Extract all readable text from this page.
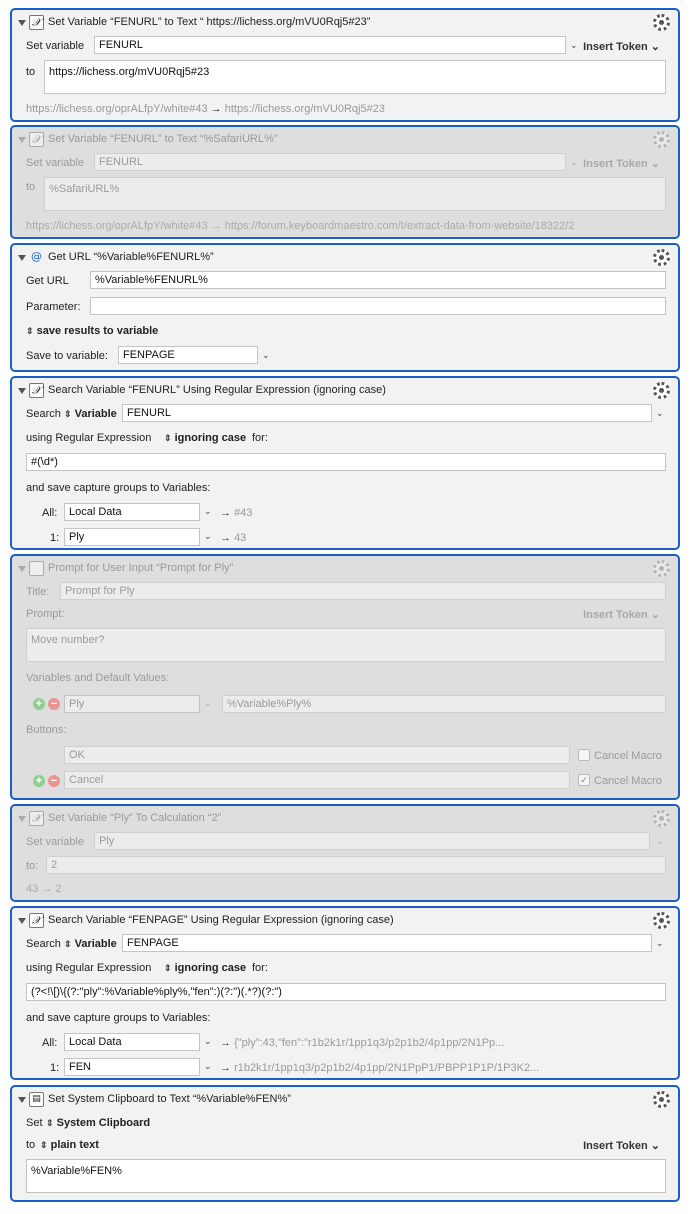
𝒳 Set Variable “FENURL” to Text “ https://lichess.org/mVU0Rqj5#23”
Set variable	FENURL	⌄ Insert Token ⌄
to	https://lichess.org/mVU0Rqj5#23
https://lichess.org/oprALfpY/white#43 → https://lichess.org/mVU0Rqj5#23
𝒳 Set Variable “FENURL” to Text “%SafariURL%”
Set variable	FENURL	⌄ Insert Token ⌄
to	%SafariURL%
https://lichess.org/oprALfpY/white#43 → https://forum.keyboardmaestro.com/t/extract-data-from-website/18322/2
@ Get URL “%Variable%FENURL%”
Get URL	%Variable%FENURL%
Parameter:
⇕ save results to variable
Save to variable:	FENPAGE	⌄
𝒳 Search Variable “FENURL” Using Regular Expression (ignoring case)
Search ⇕ Variable FENURL	⌄
using Regular Expression ⇕ ignoring case for:
#(\d*)
and save capture groups to Variables:
All:	Local Data	⌄ → #43
1: Ply	⌄ → 43
Prompt for User Input “Prompt for Ply”
Title:	Prompt for Ply
Prompt:	Insert Token ⌄
Move number?
Variables and Default Values:
+ −	Ply	⌄	%Variable%Ply%
Buttons:
OK	Cancel Macro
+ −	Cancel	✓ Cancel Macro
𝒳 Set Variable “Ply” To Calculation “2”
Set variable	Ply	⌄
to:	2
43 → 2
𝒳 Search Variable “FENPAGE” Using Regular Expression (ignoring case)
Search ⇕ Variable FENPAGE	⌄
using Regular Expression ⇕ ignoring case for:
(?<!\[)\{(?:"ply":%Variable%ply%,"fen":)(?:")(.*?)(?:")
and save capture groups to Variables:
All:	Local Data	⌄ → {"ply":43,"fen":"r1b2k1r/1pp1q3/p2p1b2/4p1pp/2N1Pp...
1: FEN	⌄ → r1b2k1r/1pp1q3/p2p1b2/4p1pp/2N1PpP1/PBPP1P1P/1P3K2...
▤ Set System Clipboard to Text “%Variable%FEN%”
Set ⇕ System Clipboard
to ⇕ plain text	Insert Token ⌄
%Variable%FEN%
